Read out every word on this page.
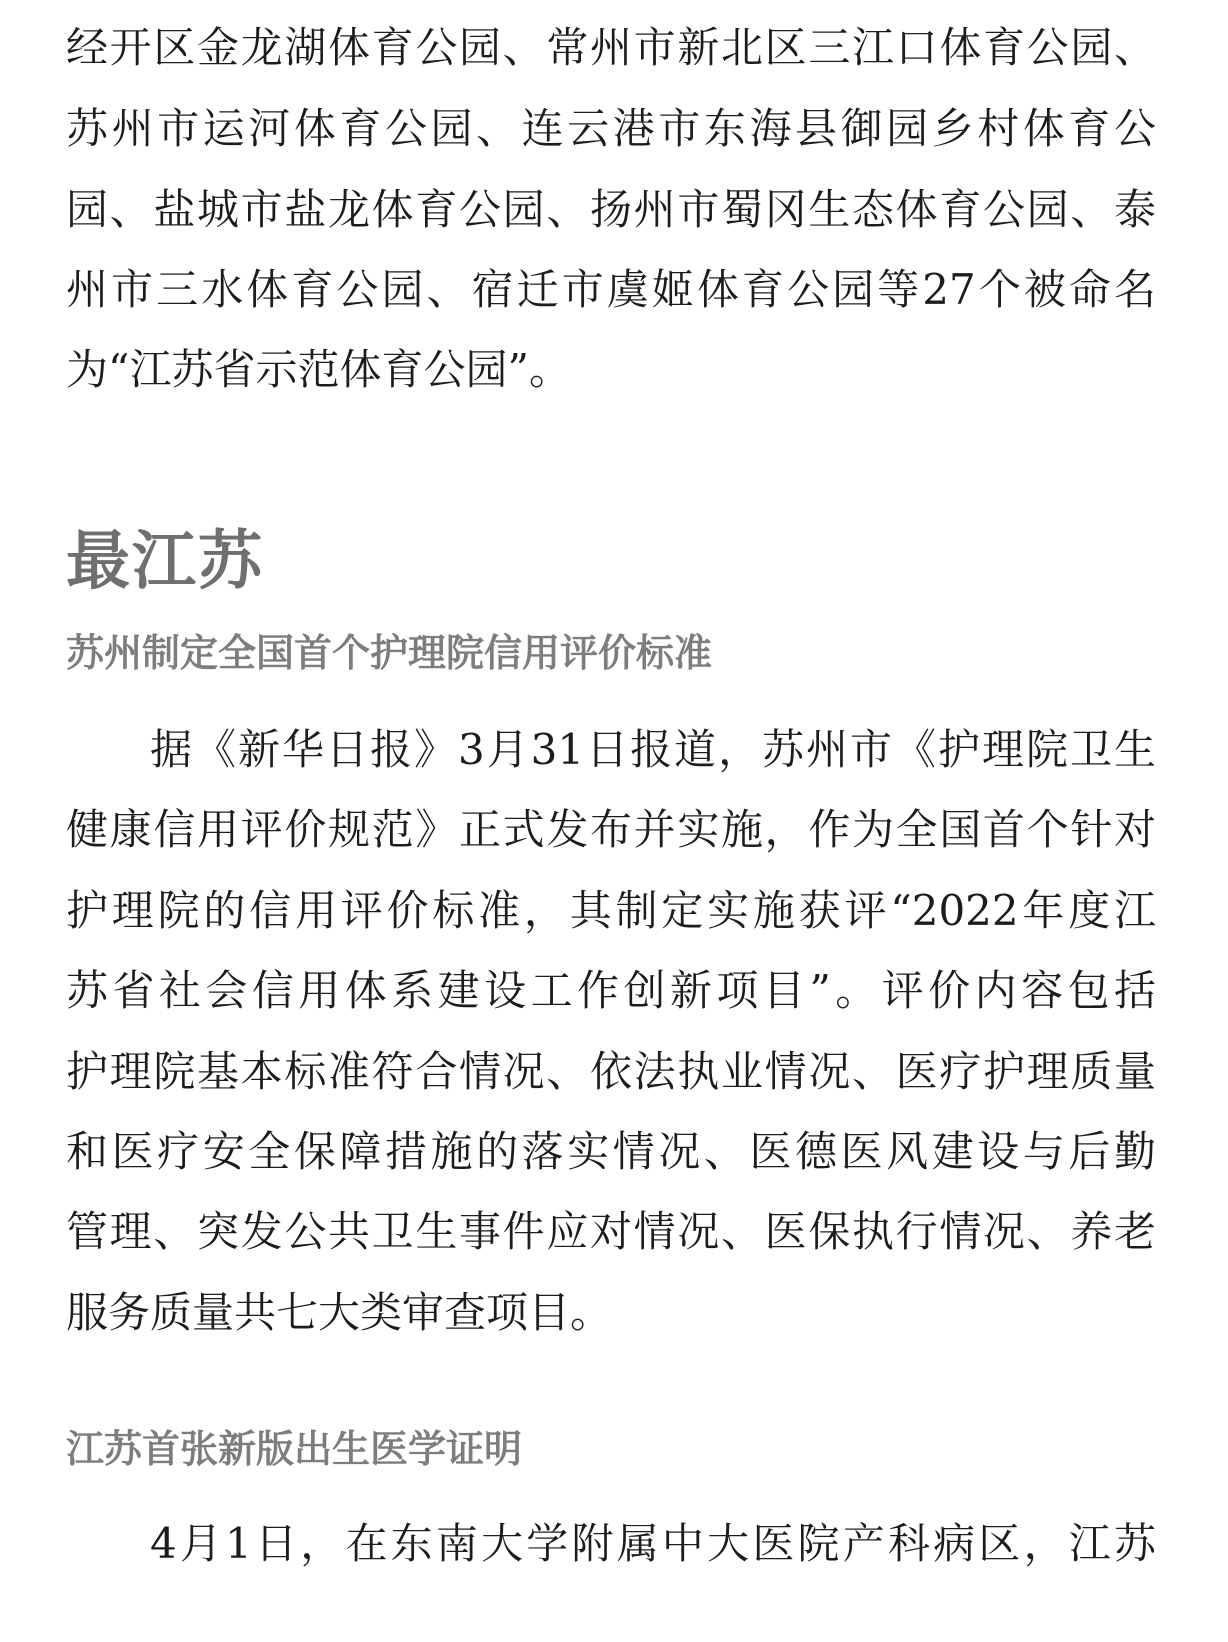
经开区金龙湖体育公园、常州市新北区三江口体育公园、
苏州市运河体育公园、连云港市东海县御园乡村体育公
园、盐城市盐龙体育公园、扬州市蜀冈生态体育公园、泰
州市三水体育公园、宿迁市虞姬体育公园等27个被命名
为“江苏省示范体育公园”。
最江苏
苏州制定全国首个护理院信用评价标准
据《新华日报》3月31日报道，苏州市《护理院卫生
健康信用评价规范》正式发布并实施，作为全国首个针对
护理院的信用评价标准，其制定实施获评“2022年度江
苏省社会信用体系建设工作创新项目”。评价内容包括
护理院基本标准符合情况、依法执业情况、医疗护理质量
和医疗安全保障措施的落实情况、医德医风建设与后勤
管理、突发公共卫生事件应对情况、医保执行情况、养老
服务质量共七大类审查项目。
江苏首张新版出生医学证明
4月1日，在东南大学附属中大医院产科病区，江苏
